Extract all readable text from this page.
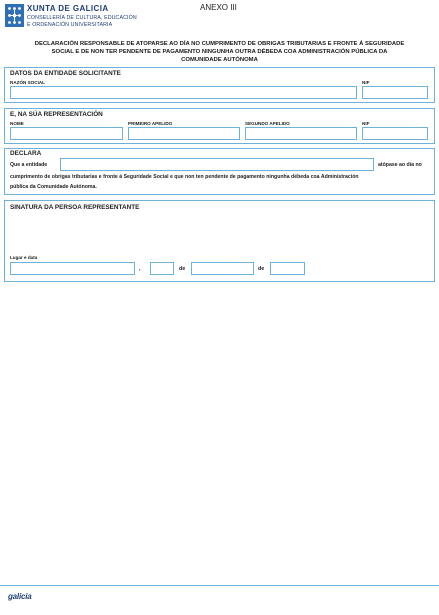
XUNTA DE GALICIA
CONSELLERÍA DE CULTURA, EDUCACIÓN
E ORDENACIÓN UNIVERSITARIA
ANEXO III
DECLARACIÓN RESPONSABLE DE ATOPARSE AO DÍA NO CUMPRIMENTO DE OBRIGAS TRIBUTARIAS E FRONTE Á SEGURIDADE
SOCIAL E DE NON TER PENDENTE DE PAGAMENTO NINGUNHA OUTRA DÉBEDA COA ADMINISTRACIÓN PÚBLICA DA
COMUNIDADE AUTÓNOMA
DATOS DA ENTIDADE SOLICITANTE
RAZÓN SOCIAL	NIF
E, NA SÚA REPRESENTACIÓN
NOME	PRIMEIRO APELIDO	SEGUNDO APELIDO	NIF
DECLARA
Que a entidade	atópase ao día no
cumprimento de obrigas tributarias e fronte á Seguridade Social e que non ten pendente de pagamento ningunha débeda coa Administración
pública da Comunidade Autónoma.
SINATURA DA PERSOA REPRESENTANTE
Lugar e data
,	de	de
galicia
